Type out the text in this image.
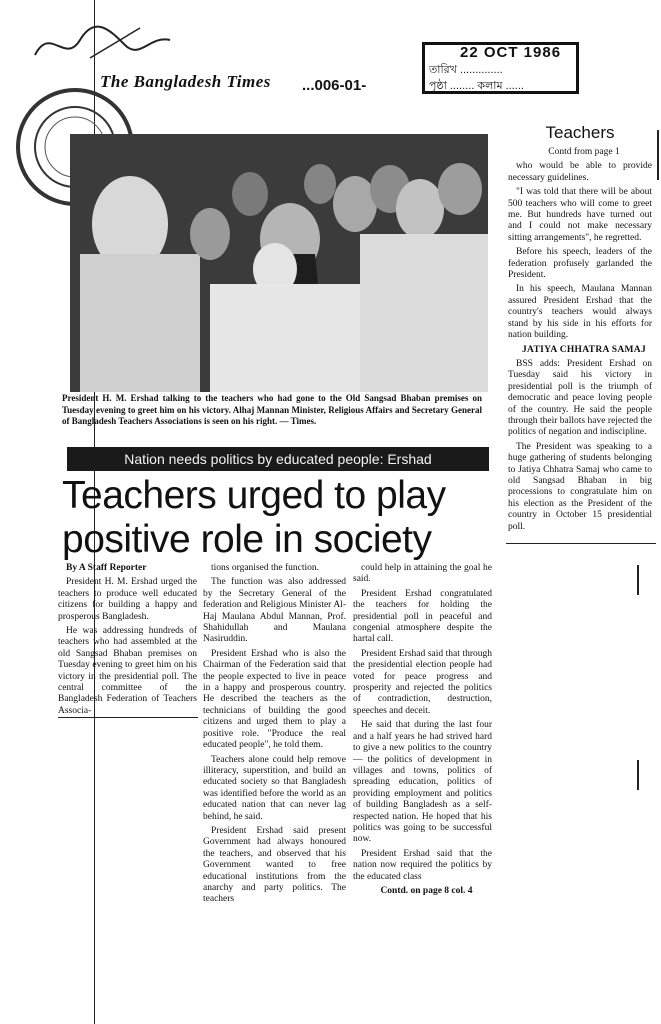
The Bangladesh Times ...006-01-
তারিখ ..............
পৃষ্ঠা ........ কলাম ......
22 OCT 1986
President H. M. Ershad talking to the teachers who had gone to the Old Sangsad Bhaban premises on Tuesday evening to greet him on his victory. Alhaj Mannan Minister, Religious Affairs and Secretary General of Bangladesh Teachers Associations is seen on his right. — Times.
Nation needs politics by educated people: Ershad
Teachers urged to play positive role in society

By A Staff Reporter

President H. M. Ershad urged the teachers to produce well educated citizens for building a happy and prosperous Bangladesh.

He was addressing hundreds of teachers who had assembled at the old Sangsad Bhaban premises on Tuesday evening to greet him on his victory in the presidential poll. The central committee of the Bangladesh Federation of Teachers Associa-

tions organised the function.

The function was also addressed by the Secretary General of the federation and Religious Minister Al-Haj Maulana Abdul Mannan, Prof. Shahidullah and Maulana Nasiruddin.

President Ershad who is also the Chairman of the Federation said that the people expected to live in peace in a happy and prosperous country. He described the teachers as the technicians of building the good citizens and urged them to play a positive role. "Produce the real educated people", he told them.

Teachers alone could help remove illiteracy, superstition, and build an educated society so that Bangladesh was identified before the world as an educated nation that can never lag behind, he said.

President Ershad said present Government had always honoured the teachers, and observed that his Government wanted to free educational institutions from the anarchy and party politics. The teachers

could help in attaining the goal he said.

President Ershad congratulated the teachers for holding the presidential poll in peaceful and congenial atmosphere despite the hartal call.

President Ershad said that through the presidential election people had voted for peace progress and prosperity and rejected the politics of contradiction, destruction, speeches and deceit.

He said that during the last four and a half years he had strived hard to give a new politics to the country — the politics of development in villages and towns, politics of spreading education, politics of providing employment and politics of building Bangladesh as a self-respected nation. He hoped that his politics was going to be successful now.

President Ershad said that the nation now required the politics by the educated class

Contd. on page 8 col. 4

Teachers

Contd from page 1

who would be able to provide necessary guidelines.

"I was told that there will be about 500 teachers who will come to greet me. But hundreds have turned out and I could not make necessary sitting arrangements", he regretted.

Before his speech, leaders of the federation profusely garlanded the President.

In his speech, Maulana Mannan assured President Ershad that the country's teachers would always stand by his side in his efforts for nation building.

JATIYA CHHATRA SAMAJ

BSS adds: President Ershad on Tuesday said his victory in presidential poll is the triumph of democratic and peace loving people of the country. He said the people through their ballots have rejected the politics of negation and indiscipline.

The President was speaking to a huge gathering of students belonging to Jatiya Chhatra Samaj who came to old Sangsad Bhaban in big processions to congratulate him on his election as the President of the country in October 15 presidential poll.
